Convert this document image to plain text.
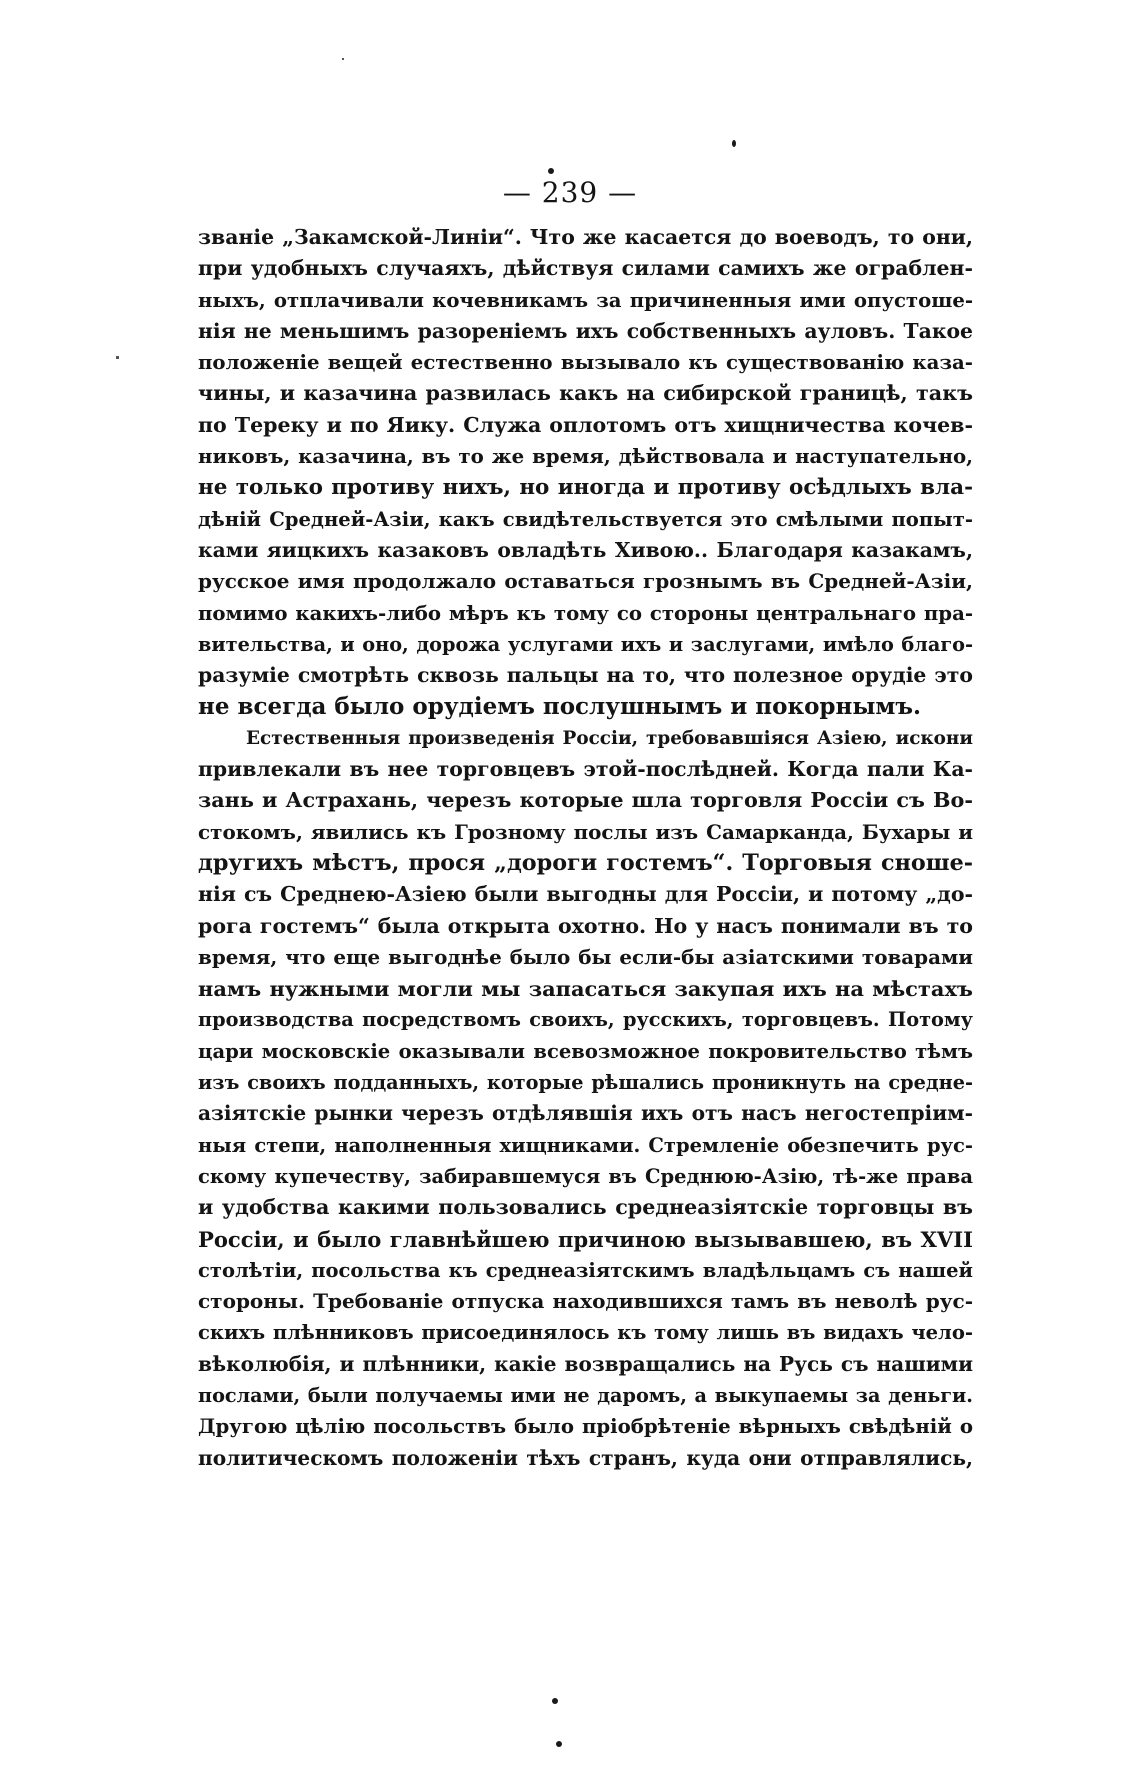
— 239 —
званіе „Закамской-Линіи“. Что же касается до воеводъ, то они,
при удобныхъ случаяхъ, дѣйствуя силами самихъ же ограблен-
ныхъ, отплачивали кочевникамъ за причиненныя ими опустоше-
нія не меньшимъ разореніемъ ихъ собственныхъ ауловъ. Такое
положеніе вещей естественно вызывало къ существованію каза-
чины, и казачина развилась какъ на сибирской границѣ, такъ
по Тереку и по Яику. Служа оплотомъ отъ хищничества кочев-
никовъ, казачина, въ то же время, дѣйствовала и наступательно,
не только противу нихъ, но иногда и противу осѣдлыхъ вла-
дѣній Средней-Азіи, какъ свидѣтельствуется это смѣлыми попыт-
ками яицкихъ казаковъ овладѣть Хивою.. Благодаря казакамъ,
русское имя продолжало оставаться грознымъ въ Средней-Азіи,
помимо какихъ-либо мѣръ къ тому со стороны центральнаго пра-
вительства, и оно, дорожа услугами ихъ и заслугами, имѣло благо-
разуміе смотрѣть сквозь пальцы на то, что полезное орудіе это
не всегда было орудіемъ послушнымъ и покорнымъ.
Естественныя произведенія Россіи, требовавшіяся Азіею, искони
привлекали въ нее торговцевъ этой-послѣдней. Когда пали Ка-
зань и Астрахань, черезъ которые шла торговля Россіи съ Во-
стокомъ, явились къ Грозному послы изъ Самарканда, Бухары и
другихъ мѣстъ, прося „дороги гостемъ“. Торговыя сноше-
нія съ Среднею-Азіею были выгодны для Россіи, и потому „до-
рога гостемъ“ была открыта охотно. Но у насъ понимали въ то
время, что еще выгоднѣе было бы если-бы азіатскими товарами
намъ нужными могли мы запасаться закупая ихъ на мѣстахъ
производства посредствомъ своихъ, русскихъ, торговцевъ. Потому
цари московскіе оказывали всевозможное покровительство тѣмъ
изъ своихъ подданныхъ, которые рѣшались проникнуть на средне-
азіятскіе рынки черезъ отдѣлявшія ихъ отъ насъ негостепріим-
ныя степи, наполненныя хищниками. Стремленіе обезпечить рус-
скому купечеству, забиравшемуся въ Среднюю-Азію, тѣ-же права
и удобства какими пользовались среднеазіятскіе торговцы въ
Россіи, и было главнѣйшею причиною вызывавшею, въ XVII
столѣтіи, посольства къ среднеазіятскимъ владѣльцамъ съ нашей
стороны. Требованіе отпуска находившихся тамъ въ неволѣ рус-
скихъ плѣнниковъ присоединялось къ тому лишь въ видахъ чело-
вѣколюбія, и плѣнники, какіе возвращались на Русь съ нашими
послами, были получаемы ими не даромъ, а выкупаемы за деньги.
Другою цѣлію посольствъ было пріобрѣтеніе вѣрныхъ свѣдѣній о
политическомъ положеніи тѣхъ странъ, куда они отправлялись,
